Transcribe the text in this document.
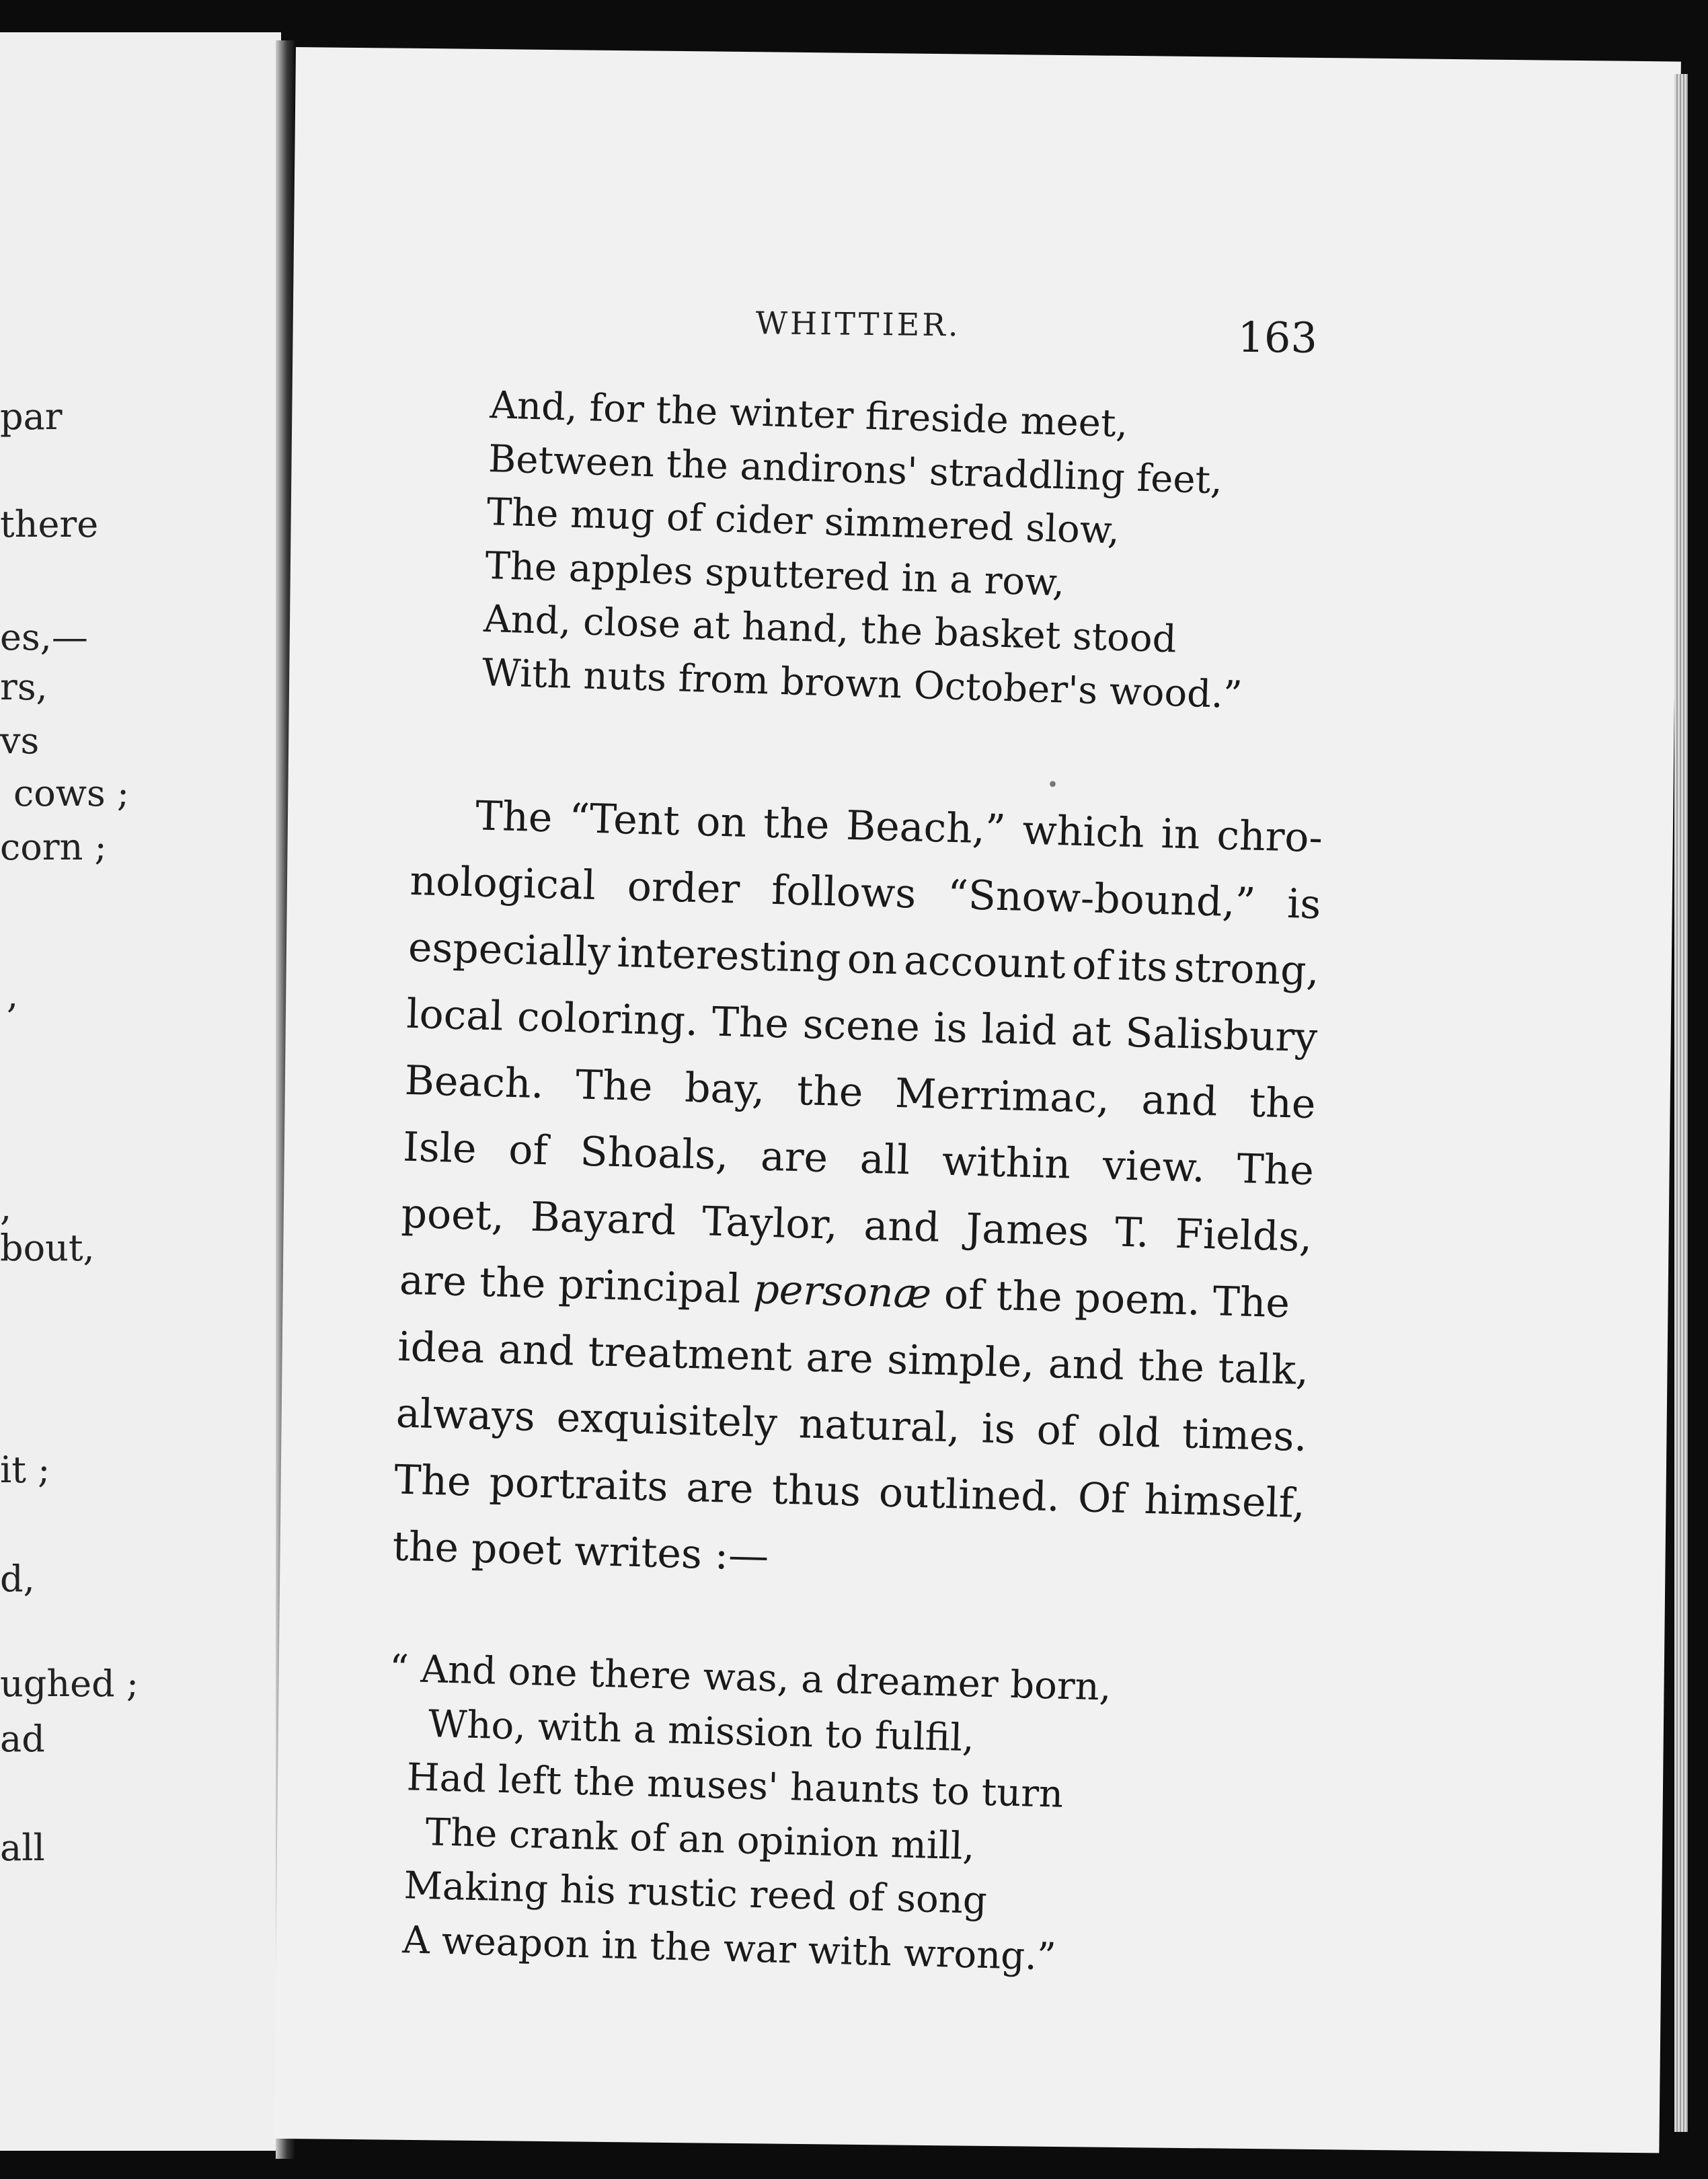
par
there
es,—
rs,
vs
cows ;
corn ;
,
,
bout,
it ;
d,
ughed ;
ad
all
WHITTIER.	163
And, for the winter fireside meet,
Between the andirons' straddling feet,
The mug of cider simmered slow,
The apples sputtered in a row,
And, close at hand, the basket stood
With nuts from brown October's wood.”
•
The “Tent on the Beach,” which in chro-
nological order follows “Snow-bound,” is
especially interesting on account of its strong,
local coloring. The scene is laid at Salisbury
Beach. The bay, the Merrimac, and the
Isle of Shoals, are all within view. The
poet, Bayard Taylor, and James T. Fields,
are the principal personæ of the poem. The
idea and treatment are simple, and the talk,
always exquisitely natural, is of old times.
The portraits are thus outlined. Of himself,
the poet writes :—
“ And one there was, a dreamer born,
Who, with a mission to fulfil,
Had left the muses' haunts to turn
The crank of an opinion mill,
Making his rustic reed of song
A weapon in the war with wrong.”
